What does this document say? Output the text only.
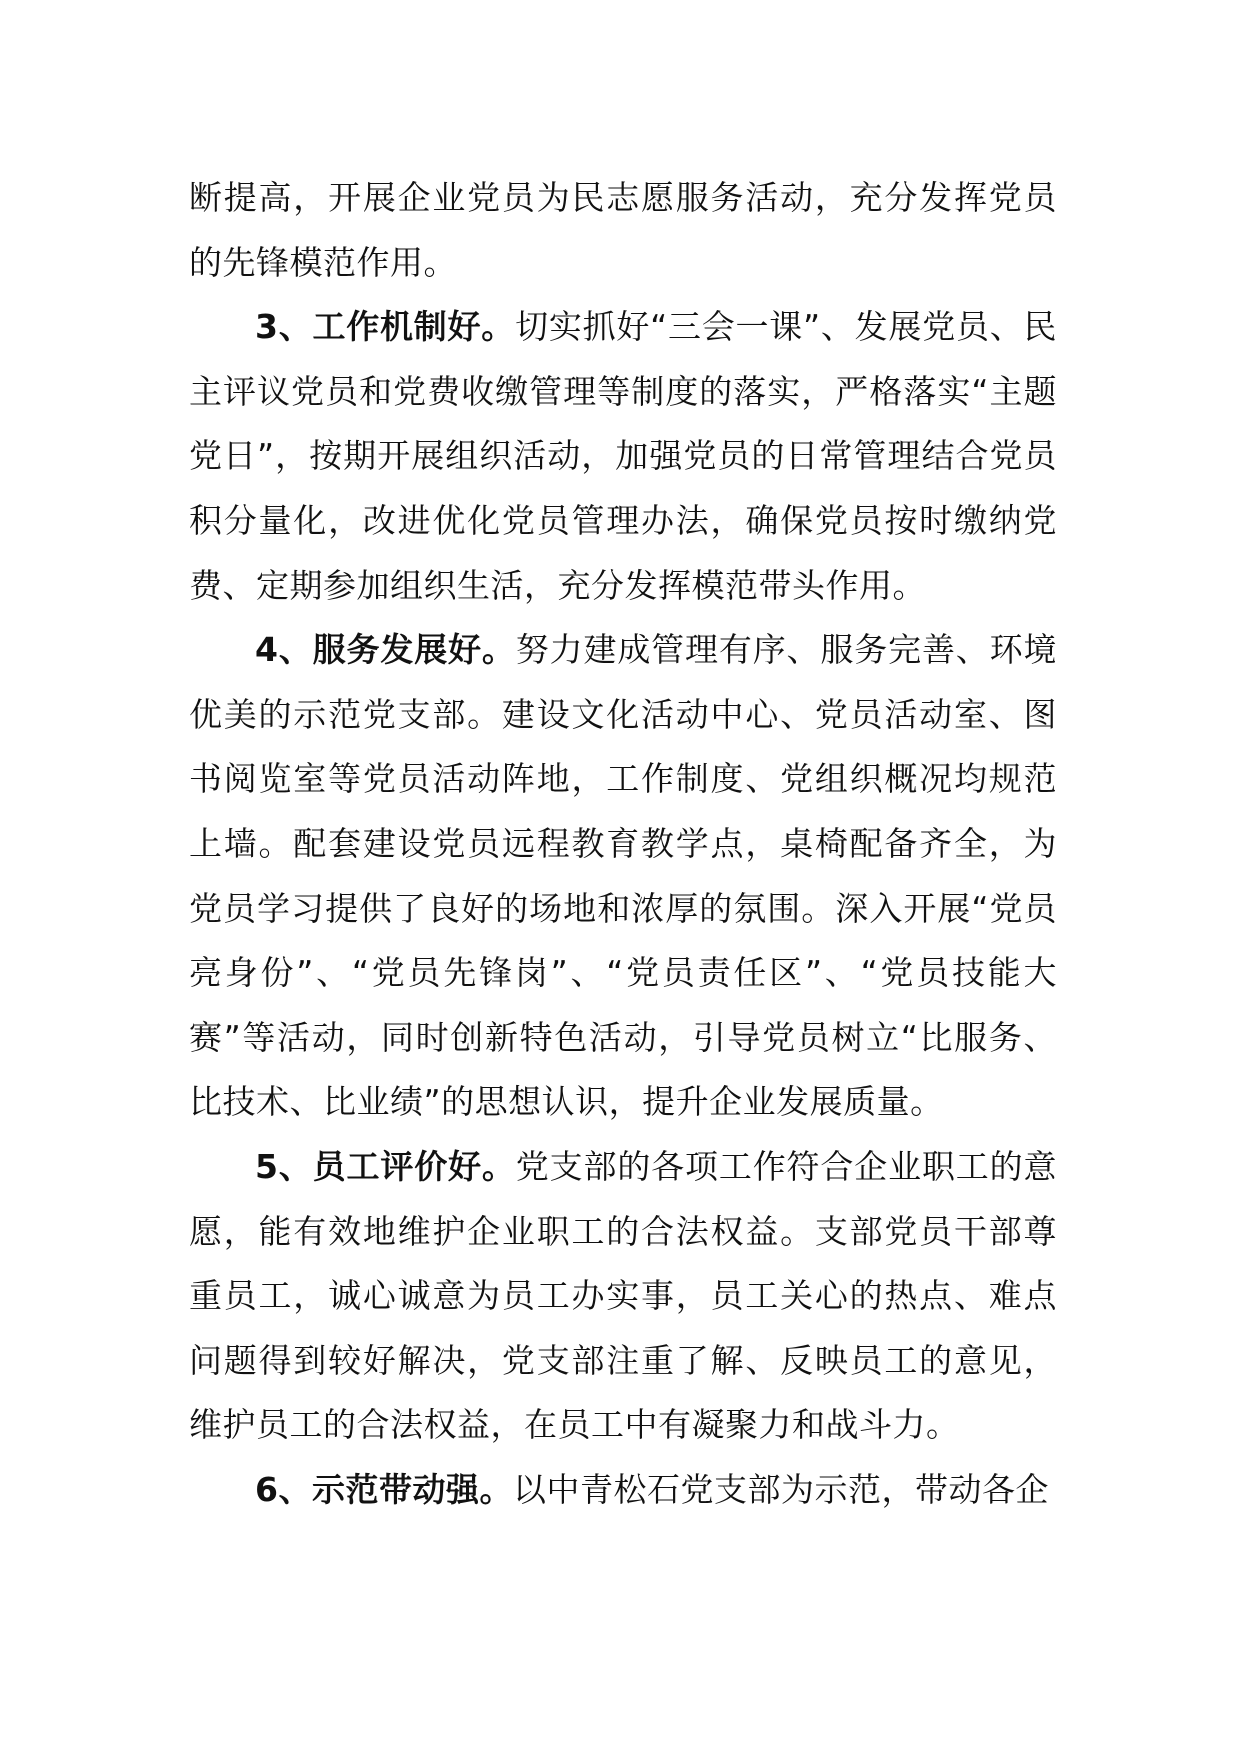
断提高，开展企业党员为民志愿服务活动，充分发挥党员的先锋模范作用。

3、工作机制好。切实抓好“三会一课”、发展党员、民主评议党员和党费收缴管理等制度的落实，严格落实“主题党日”，按期开展组织活动，加强党员的日常管理结合党员积分量化，改进优化党员管理办法，确保党员按时缴纳党费、定期参加组织生活，充分发挥模范带头作用。

4、服务发展好。努力建成管理有序、服务完善、环境优美的示范党支部。建设文化活动中心、党员活动室、图书阅览室等党员活动阵地，工作制度、党组织概况均规范上墙。配套建设党员远程教育教学点，桌椅配备齐全，为党员学习提供了良好的场地和浓厚的氛围。深入开展“党员亮身份”、“党员先锋岗”、“党员责任区”、“党员技能大赛”等活动，同时创新特色活动，引导党员树立“比服务、比技术、比业绩”的思想认识，提升企业发展质量。

5、员工评价好。党支部的各项工作符合企业职工的意愿，能有效地维护企业职工的合法权益。支部党员干部尊重员工，诚心诚意为员工办实事，员工关心的热点、难点问题得到较好解决，党支部注重了解、反映员工的意见，维护员工的合法权益，在员工中有凝聚力和战斗力。

6、示范带动强。以中青松石党支部为示范，带动各企
